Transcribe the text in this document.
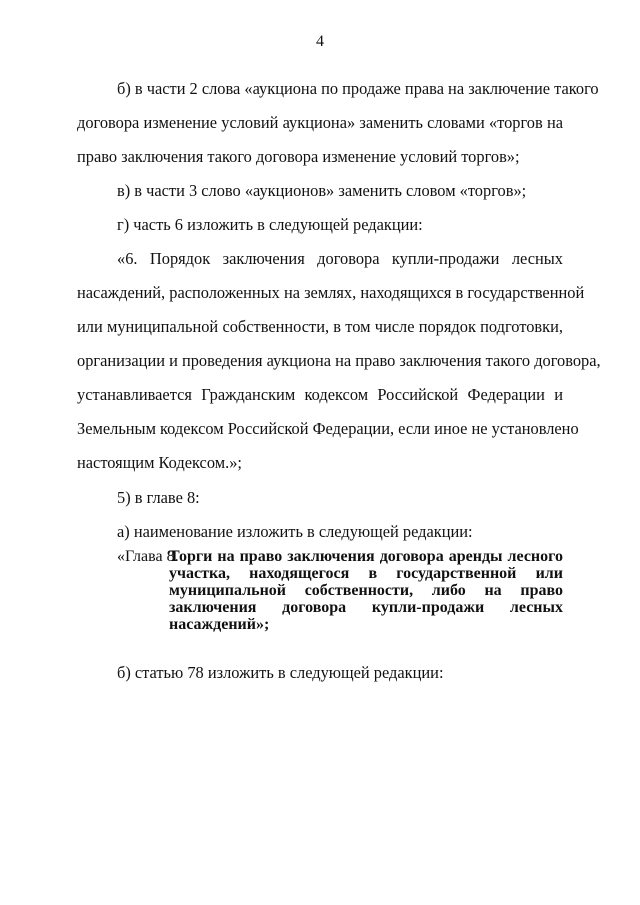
4
б) в части 2 слова «аукциона по продаже права на заключение такого
договора изменение условий аукциона» заменить словами «торгов на
право заключения такого договора изменение условий торгов»;
в) в части 3 слово «аукционов» заменить словом «торгов»;
г) часть 6 изложить в следующей редакции:
«6. Порядок заключения договора купли-продажи лесных
насаждений, расположенных на землях, находящихся в государственной
или муниципальной собственности, в том числе порядок подготовки,
организации и проведения аукциона на право заключения такого договора,
устанавливается Гражданским кодексом Российской Федерации и
Земельным кодексом Российской Федерации, если иное не установлено
настоящим Кодексом.»;
5) в главе 8:
а) наименование изложить в следующей редакции:
«Глава 8.
Торги на право заключения договора аренды лесного
участка, находящегося в государственной или
муниципальной собственности, либо на право
заключения договора купли-продажи лесных
насаждений»;
б) статью 78 изложить в следующей редакции:
